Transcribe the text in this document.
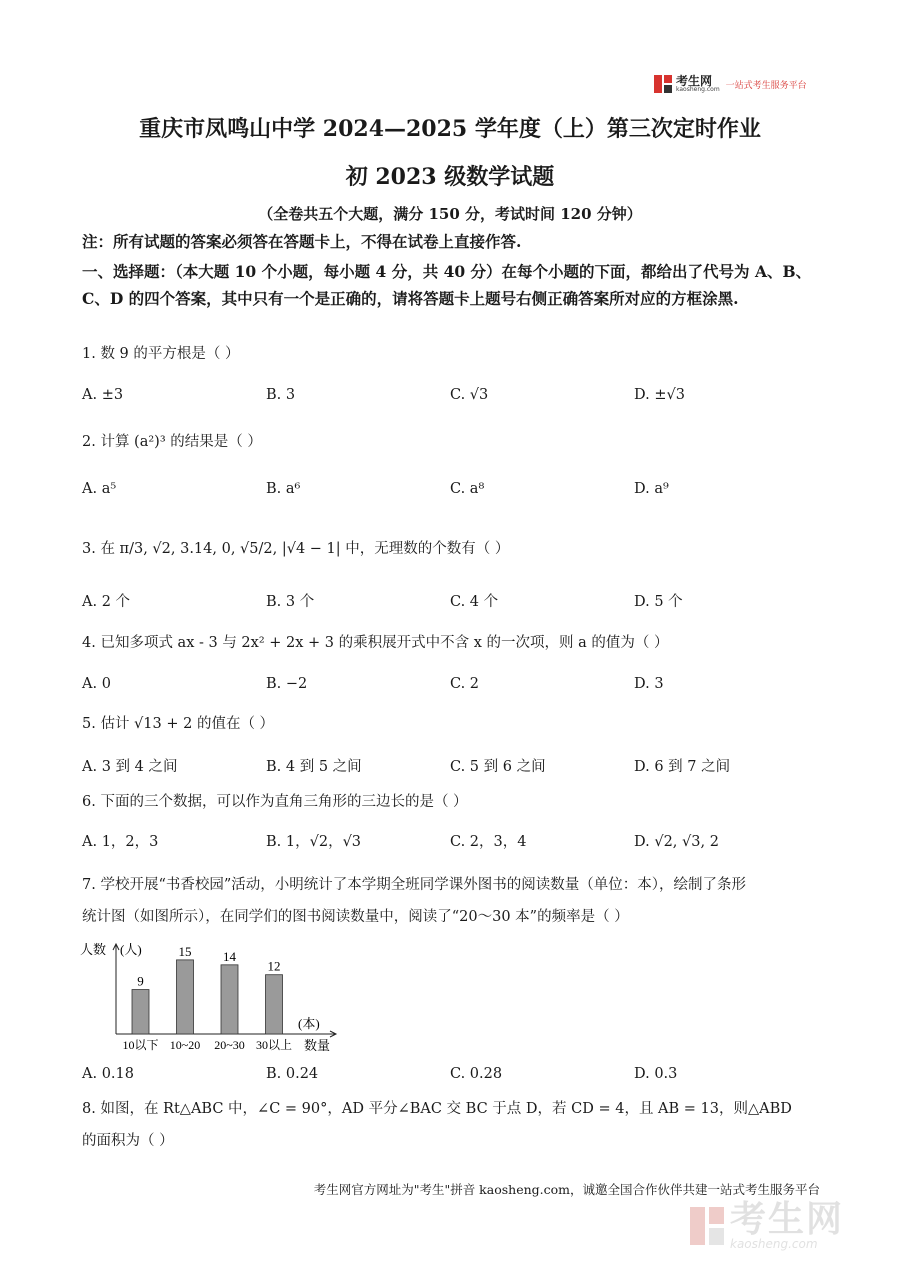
考生网
kaosheng.com 一站式考生服务平台
重庆市凤鸣山中学 2024—2025 学年度（上）第三次定时作业
初 2023 级数学试题
（全卷共五个大题，满分 150 分，考试时间 120 分钟）
注：所有试题的答案必须答在答题卡上，不得在试卷上直接作答.
一、选择题：（本大题 10 个小题，每小题 4 分，共 40 分）在每个小题的下面，都给出了代号为 A、B、C、D 的四个答案，其中只有一个是正确的，请将答题卡上题号右侧正确答案所对应的方框涂黑.
1. 数 9 的平方根是（ ）
A. ±3	B. 3	C. √3	D. ±√3
2. 计算 (a²)³ 的结果是（ ）
A. a⁵	B. a⁶	C. a⁸	D. a⁹
3. 在 π/3, √2, 3.14, 0, √5/2, |√4 − 1| 中，无理数的个数有（ ）
A. 2 个	B. 3 个	C. 4 个	D. 5 个
4. 已知多项式 ax - 3 与 2x² + 2x + 3 的乘积展开式中不含 x 的一次项，则 a 的值为（ ）
A. 0	B. −2	C. 2	D. 3
5. 估计 √13 + 2 的值在（ ）
A. 3 到 4 之间	B. 4 到 5 之间	C. 5 到 6 之间	D. 6 到 7 之间
6. 下面的三个数据，可以作为直角三角形的三边长的是（ ）
A. 1，2，3	B. 1，√2，√3	C. 2，3，4	D. √2, √3, 2
7. 学校开展“书香校园”活动，小明统计了本学期全班同学课外图书的阅读数量（单位：本），绘制了条形
统计图（如图所示），在同学们的图书阅读数量中，阅读了“20～30 本”的频率是（ ）
人数 (人)
(本)
数量
9
10以下
15
10~20
14
20~30
12
30以上
A. 0.18	B. 0.24	C. 0.28	D. 0.3
8. 如图，在 Rt△ABC 中，∠C = 90°，AD 平分∠BAC 交 BC 于点 D，若 CD = 4，且 AB = 13，则△ABD
的面积为（ ）
考生网官方网址为"考生"拼音 kaosheng.com，诚邀全国合作伙伴共建一站式考生服务平台
考生网
kaosheng.com
